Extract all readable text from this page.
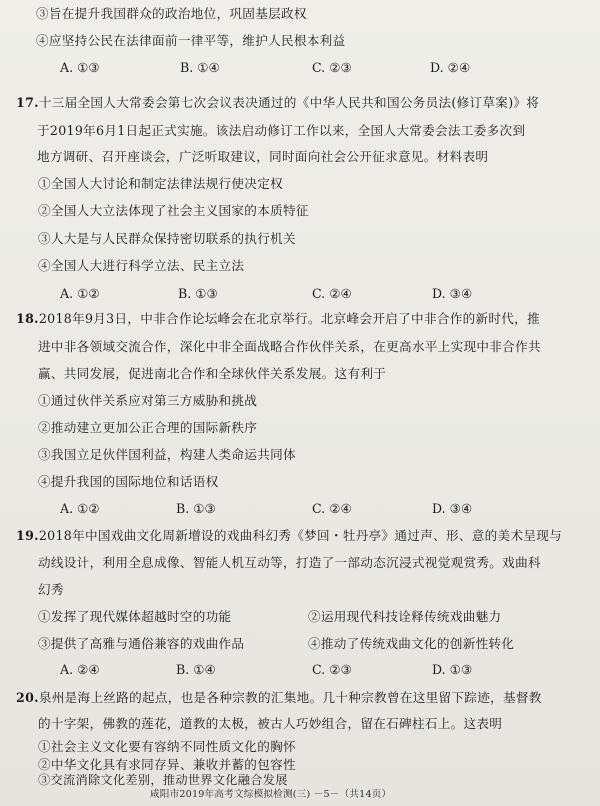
③旨在提升我国群众的政治地位，巩固基层政权
④应坚持公民在法律面前一律平等，维护人民根本利益
A. ①③	B. ①④	C. ②③	D. ②④
17.十三届全国人大常委会第七次会议表决通过的《中华人民共和国公务员法(修订草案)》将
于2019年6月1日起正式实施。该法启动修订工作以来，全国人大常委会法工委多次到
地方调研、召开座谈会，广泛听取建议，同时面向社会公开征求意见。材料表明
①全国人大讨论和制定法律法规行使决定权
②全国人大立法体现了社会主义国家的本质特征
③人大是与人民群众保持密切联系的执行机关
④全国人大进行科学立法、民主立法
A. ①②	B. ①③	C. ②④	D. ③④
18.2018年9月3日，中非合作论坛峰会在北京举行。北京峰会开启了中非合作的新时代，推
进中非各领域交流合作，深化中非全面战略合作伙伴关系，在更高水平上实现中非合作共
赢、共同发展，促进南北合作和全球伙伴关系发展。这有利于
①通过伙伴关系应对第三方威胁和挑战
②推动建立更加公正合理的国际新秩序
③我国立足伙伴国利益，构建人类命运共同体
④提升我国的国际地位和话语权
A. ①②	B. ①③	C. ②④	D. ③④
19.2018年中国戏曲文化周新增设的戏曲科幻秀《梦回・牡丹亭》通过声、形、意的美术呈现与
动线设计，利用全息成像、智能人机互动等，打造了一部动态沉浸式视觉观赏秀。戏曲科
幻秀
①发挥了现代媒体超越时空的功能	②运用现代科技诠释传统戏曲魅力
③提供了高雅与通俗兼容的戏曲作品	④推动了传统戏曲文化的创新性转化
A. ②④	B. ①④	C. ②③	D. ①③
20.泉州是海上丝路的起点，也是各种宗教的汇集地。几十种宗教曾在这里留下踪迹，基督教
的十字架，佛教的莲花，道教的太极，被古人巧妙组合，留在石碑柱石上。这表明
①社会主义文化要有容纳不同性质文化的胸怀
②中华文化具有求同存异、兼收并蓄的包容性
③交流消除文化差别，推动世界文化融合发展
咸阳市2019年高考文综模拟检测(三) －5－（共14页）
